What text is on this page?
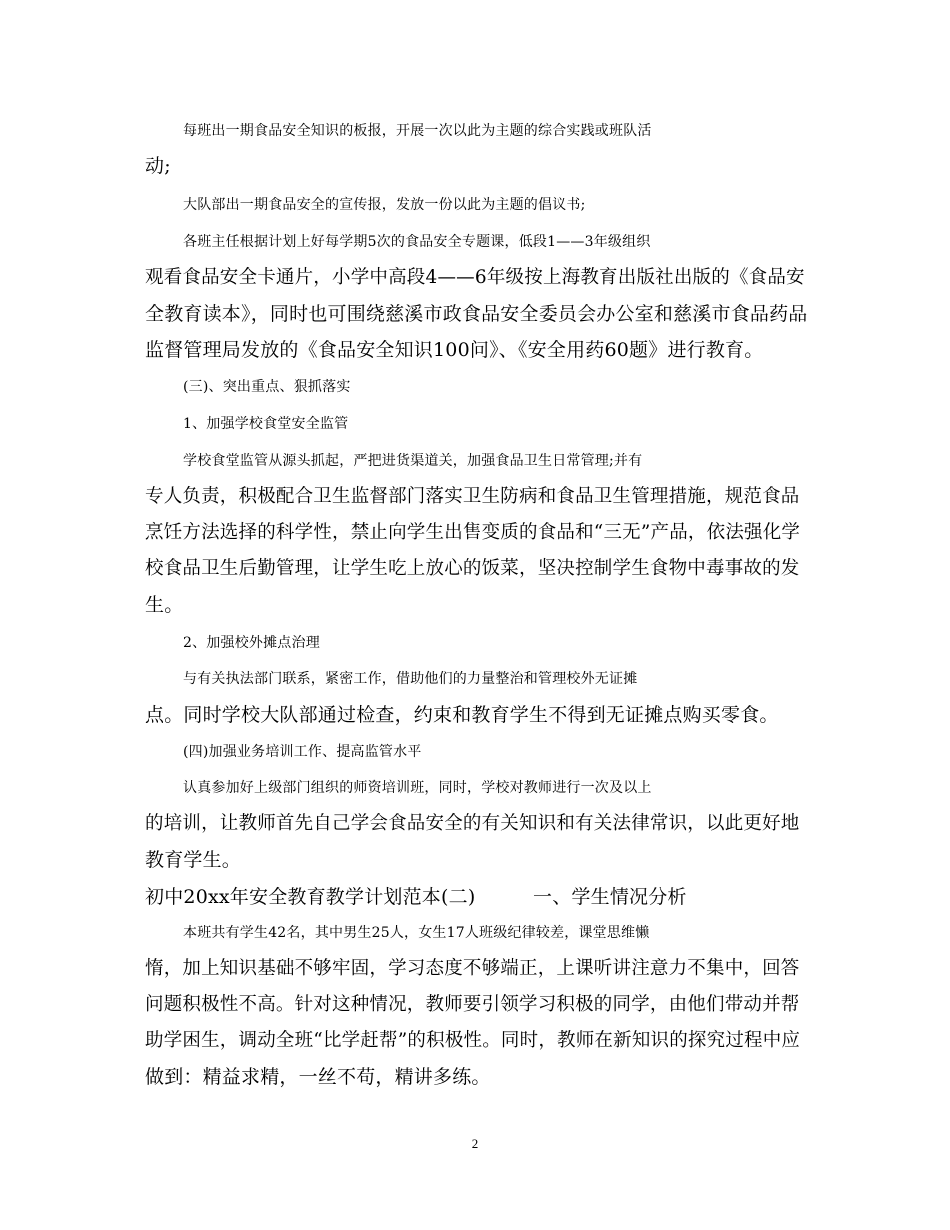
每班出一期食品安全知识的板报，开展一次以此为主题的综合实践或班队活
动;
大队部出一期食品安全的宣传报，发放一份以此为主题的倡议书;
各班主任根据计划上好每学期5次的食品安全专题课，低段1——3年级组织
观看食品安全卡通片，小学中高段4——6年级按上海教育出版社出版的《食品安
全教育读本》，同时也可围绕慈溪市政食品安全委员会办公室和慈溪市食品药品
监督管理局发放的《食品安全知识100问》、《安全用药60题》进行教育。
(三)、突出重点、狠抓落实
1、加强学校食堂安全监管
学校食堂监管从源头抓起，严把进货渠道关，加强食品卫生日常管理;并有
专人负责，积极配合卫生监督部门落实卫生防病和食品卫生管理措施，规范食品
烹饪方法选择的科学性，禁止向学生出售变质的食品和“三无”产品，依法强化学
校食品卫生后勤管理，让学生吃上放心的饭菜，坚决控制学生食物中毒事故的发
生。
2、加强校外摊点治理
与有关执法部门联系，紧密工作，借助他们的力量整治和管理校外无证摊
点。同时学校大队部通过检查，约束和教育学生不得到无证摊点购买零食。
(四)加强业务培训工作、提高监管水平
认真参加好上级部门组织的师资培训班，同时，学校对教师进行一次及以上
的培训，让教师首先自己学会食品安全的有关知识和有关法律常识，以此更好地
教育学生。
初中20xx年安全教育教学计划范本(二)　　　一、学生情况分析
本班共有学生42名，其中男生25人，女生17人班级纪律较差，课堂思维懒
惰，加上知识基础不够牢固，学习态度不够端正，上课听讲注意力不集中，回答
问题积极性不高。针对这种情况，教师要引领学习积极的同学，由他们带动并帮
助学困生，调动全班“比学赶帮”的积极性。同时，教师在新知识的探究过程中应
做到：精益求精，一丝不苟，精讲多练。
2
